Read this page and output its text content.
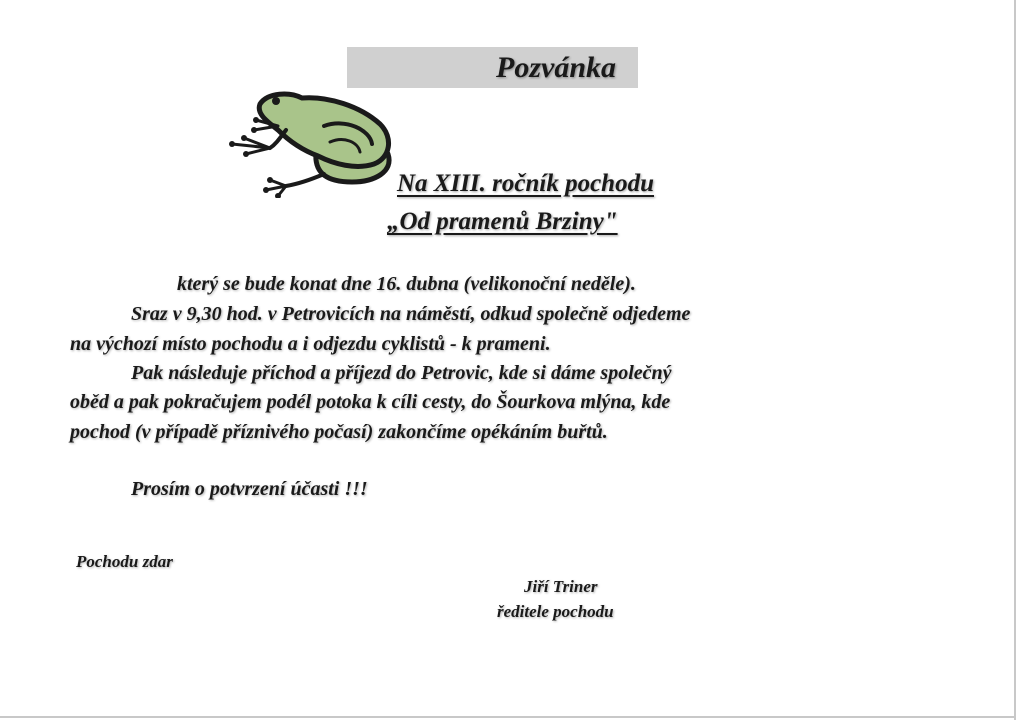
Pozvánka
Na XIII. ročník pochodu
„Od pramenů Brzinyʺ
který se bude konat dne 16. dubna (velikonoční neděle).
Sraz v 9,30 hod. v Petrovicích na náměstí, odkud společně odjedeme
na výchozí místo pochodu a i odjezdu cyklistů - k prameni.
Pak následuje příchod a příjezd do Petrovic, kde si dáme společný
oběd a pak pokračujem podél potoka k cíli cesty, do Šourkova mlýna, kde
pochod (v případě příznivého počasí) zakončíme opékáním buřtů.
Prosím o potvrzení účasti !!!
Pochodu zdar
Jiří Triner
ředitele pochodu
